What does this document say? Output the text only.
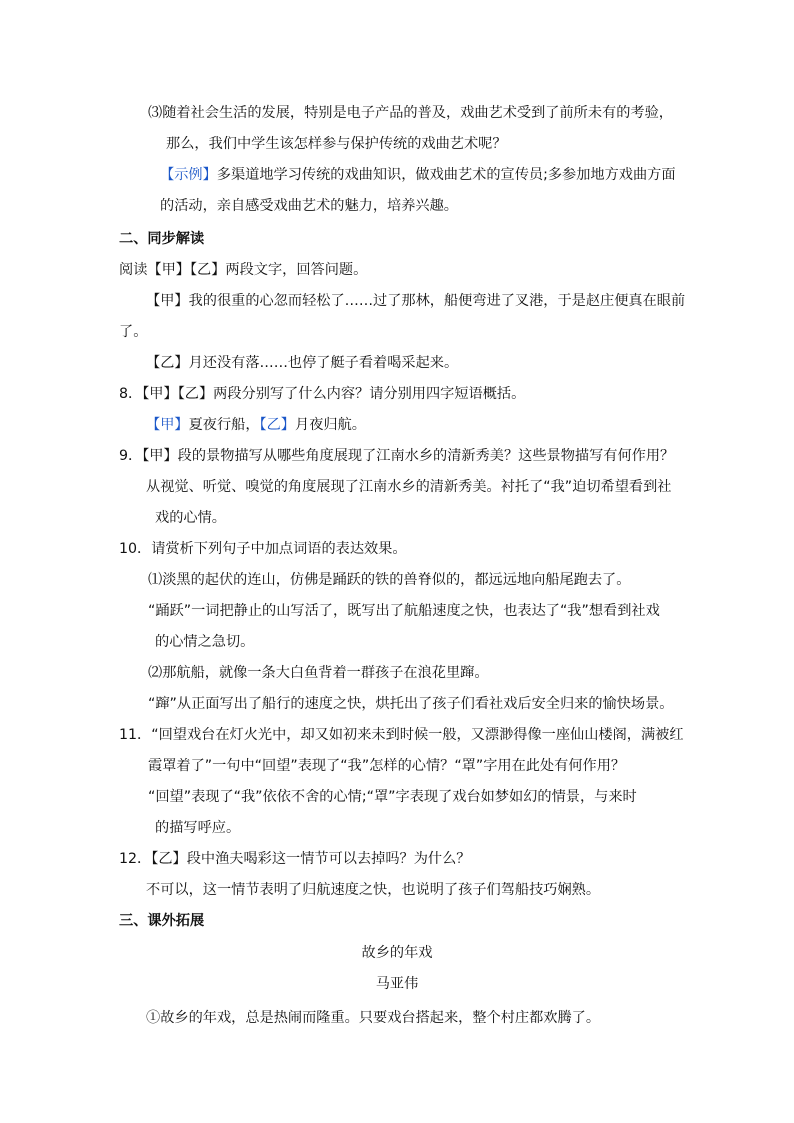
⑶随着社会生活的发展，特别是电子产品的普及，戏曲艺术受到了前所未有的考验，
那么，我们中学生该怎样参与保护传统的戏曲艺术呢？
【示例】多渠道地学习传统的戏曲知识，做戏曲艺术的宣传员;多参加地方戏曲方面
的活动，亲自感受戏曲艺术的魅力，培养兴趣。
二、同步解读
阅读【甲】【乙】两段文字，回答问题。
【甲】我的很重的心忽而轻松了……过了那林，船便弯进了叉港，于是赵庄便真在眼前
了。
【乙】月还没有落……也停了艇子看着喝采起来。
8．【甲】【乙】两段分别写了什么内容？请分别用四字短语概括。
【甲】夏夜行船，【乙】月夜归航。
9．【甲】段的景物描写从哪些角度展现了江南水乡的清新秀美？这些景物描写有何作用？
从视觉、听觉、嗅觉的角度展现了江南水乡的清新秀美。衬托了“我”迫切希望看到社
戏的心情。
10．请赏析下列句子中加点词语的表达效果。
⑴淡黑的起伏的连山，仿佛是踊跃的铁的兽脊似的，都远远地向船尾跑去了。
“踊跃”一词把静止的山写活了，既写出了航船速度之快，也表达了“我”想看到社戏
的心情之急切。
⑵那航船，就像一条大白鱼背着一群孩子在浪花里蹿。
“蹿”从正面写出了船行的速度之快，烘托出了孩子们看社戏后安全归来的愉快场景。
11．“回望戏台在灯火光中，却又如初来未到时候一般，又漂渺得像一座仙山楼阁，满被红
霞罩着了”一句中“回望”表现了“我”怎样的心情？“罩”字用在此处有何作用？
“回望”表现了“我”依依不舍的心情;“罩”字表现了戏台如梦如幻的情景，与来时
的描写呼应。
12．【乙】段中渔夫喝彩这一情节可以去掉吗？为什么？
不可以，这一情节表明了归航速度之快，也说明了孩子们驾船技巧娴熟。
三、课外拓展
故乡的年戏
马亚伟
①故乡的年戏，总是热闹而隆重。只要戏台搭起来，整个村庄都欢腾了。
